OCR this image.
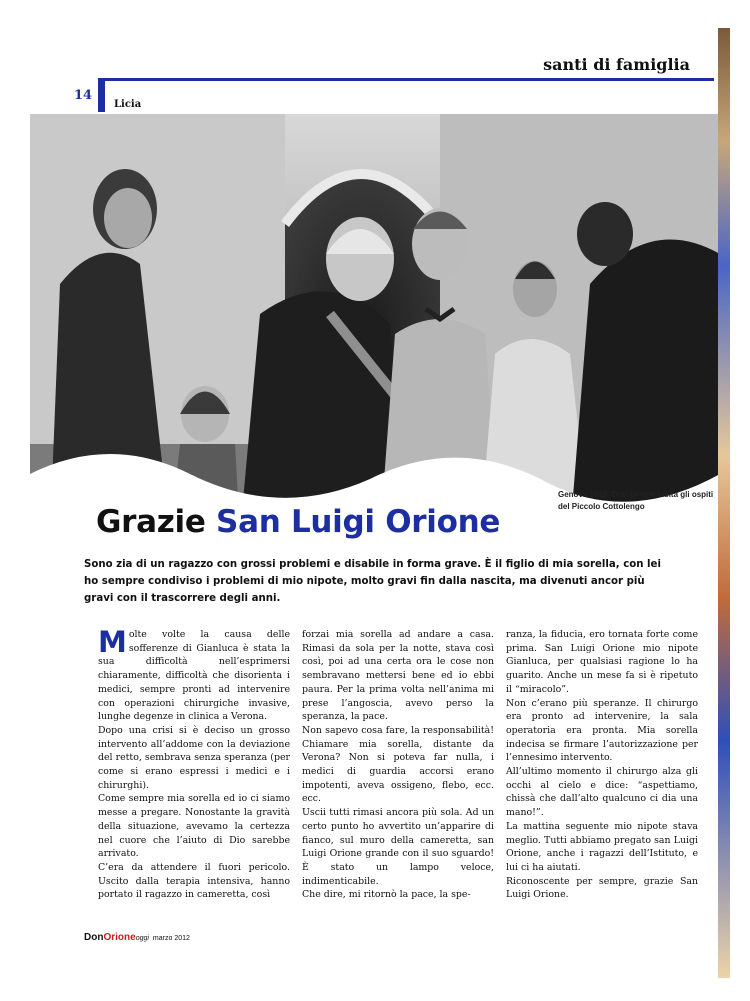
santi di famiglia
14
Licia
Genova 1928. Don Orione visita gli ospiti del Piccolo Cottolengo
Grazie San Luigi Orione
Sono zia di un ragazzo con grossi problemi e disabile in forma grave. È il figlio di mia sorella, con lei ho sempre condiviso i problemi di mio nipote, molto gravi fin dalla nascita, ma divenuti ancor più gravi con il trascorrere degli anni.

Molte volte la causa delle sofferenze di Gianluca è stata la sua difficoltà nell’esprimersi chiaramente, difficoltà che disorienta i medici, sempre pronti ad intervenire con operazioni chirurgiche invasive, lunghe degenze in clinica a Verona.

Dopo una crisi si è deciso un grosso intervento all’addome con la deviazione del retto, sembrava senza speranza (per come si erano espressi i medici e i chirurghi).

Come sempre mia sorella ed io ci siamo messe a pregare. Nonostante la gravità della situazione, avevamo la certezza nel cuore che l’aiuto di Dio sarebbe arrivato.

C’era da attendere il fuori pericolo. Uscito dalla terapia intensiva, hanno portato il ragazzo in cameretta, così

forzai mia sorella ad andare a casa. Rimasi da sola per la notte, stava così così, poi ad una certa ora le cose non sembravano mettersi bene ed io ebbi paura. Per la prima volta nell’anima mi prese l’angoscia, avevo perso la speranza, la pace.

Non sapevo cosa fare, la responsabilità! Chiamare mia sorella, distante da Verona? Non si poteva far nulla, i medici di guardia accorsi erano impotenti, aveva ossigeno, flebo, ecc. ecc.

Uscii tutti rimasi ancora più sola. Ad un certo punto ho avvertito un’apparire di fianco, sul muro della cameretta, san Luigi Orione grande con il suo sguardo! È stato un lampo veloce, indimenticabile.

Che dire, mi ritornò la pace, la spe-

ranza, la fiducia, ero tornata forte come prima. San Luigi Orione mio nipote Gianluca, per qualsiasi ragione lo ha guarito. Anche un mese fa si è ripetuto il “miracolo”.

Non c’erano più speranze. Il chirurgo era pronto ad intervenire, la sala operatoria era pronta. Mia sorella indecisa se firmare l’autorizzazione per l’ennesimo intervento.

All’ultimo momento il chirurgo alza gli occhi al cielo e dice: “aspettiamo, chissà che dall’alto qualcuno ci dia una mano!”.

La mattina seguente mio nipote stava meglio. Tutti abbiamo pregato san Luigi Orione, anche i ragazzi dell’Istituto, e lui ci ha aiutati.

Riconoscente per sempre, grazie San Luigi Orione.

DonOrioneoggi marzo 2012
